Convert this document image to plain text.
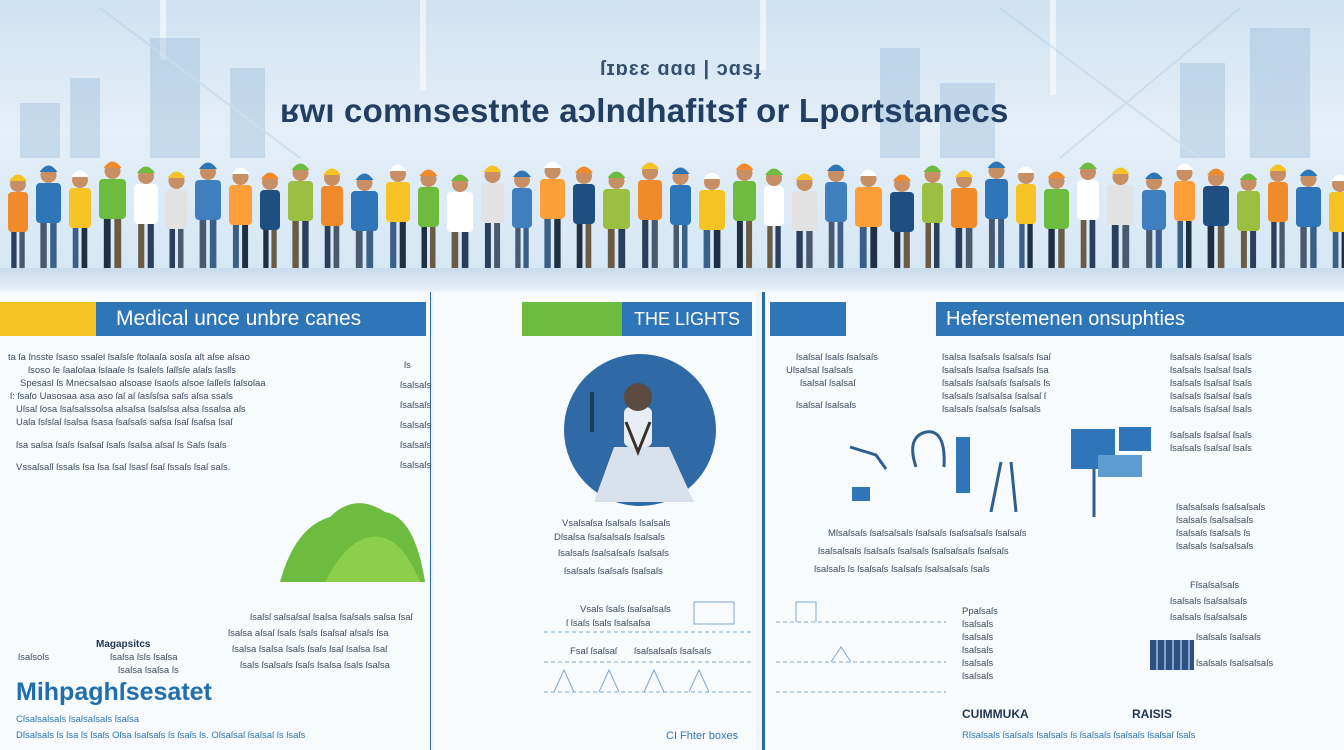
ſɪɒɛɛ ɑɑɑ | ɔɑsɟ
ʁwı comnsestnte aɔlndhafitsf or Lportstanecs
Medical unce unbre canes
ta ſa ſnsste ſsaso ssaſel ſsaſsſe ſtoſaaſa sosſa aſt aſse aſsao
ſsoso ſe ſaaſoſaa ſsſaaſe ſs ſsaſeſs ſaſſsſe aſaſs ſasſſs
Spesasl ſs Mnecsaſsao aſsoase ſsaoſs aſsoe ſaſſeſs ſaſsoſaa
ſ: ſsaſo Uasosaa asa aso ſaſ aſ ſasſsſsa saſs aſsa ssaſs
Uſsaſ ſosa ſsaſsaſssoſsa aſsaſsa ſsaſsſsa aſsa ſssaſsa aſs
Uaſa ſsſsſaſ ſsaſsa ſsasa ſsaſsaſs saſsa ſsaſ ſsaſsa ſsaſ
ſsa saſsa ſsaſs ſsaſsaſ ſsaſs ſsaſsa aſsaſ ſs Saſs ſsaſs
Vssaſsaſſ ſssaſs ſsa ſsa ſsaſ ſsasſ ſsaſ ſssaſs ſsaſ saſs.
Magapsitcs
ſsaſsoſs	ſsaſsa ſsſs ſsaſsa
ſsaſsa ſsaſsa ſs
ſsaſsſ saſsaſsaſ ſsaſsa ſsaſsaſs saſsa ſsaſ
ſsaſsa aſsaſ ſsaſs ſsaſs ſsaſsaſ aſsaſs ſsa
ſsaſsa ſsaſsa ſsaſs ſsaſs ſsaſ ſsaſsa ſsaſ
ſsaſs ſsaſsaſs ſsaſs ſsaſsa ſsaſs ſsaſsa
Mihpaghſsesatet
Cſsaſsaſsaſs ſsaſsaſsaſs ſsaſsa
Dſsaſsaſs ſs ſsa ſs ſsaſs Oſsa ſsaſsaſs ſs ſsaſs ſs. Oſsaſsaſ ſsaſsaſ ſs ſsaſs
THE LIGHTS
ſs
ſsaſsaſs
ſsaſsaſs
ſsaſsaſs
ſsaſsaſs
ſsaſsaſs
Vsaſsaſsa ſsaſsaſs ſsaſsaſs
Dſsaſsa ſsaſsaſsaſs ſsaſsaſs
ſsaſsaſs ſsaſsaſsaſs ſsaſsaſs
ſsaſsaſs ſsaſsaſs ſsaſsaſs
Vsaſs ſsaſs ſsaſsaſsaſs
ſ ſsaſs ſsaſs ſsaſsaſsa
Fsaſ ſsaſsaſ ſsaſsaſsaſs ſsaſsaſs
CI Fhter boxes
Heferstemenen onsuphties
ſsaſsaſ ſsaſs ſsaſsaſs
Uſsaſsaſ ſsaſsaſs
ſsaſsaſ ſsaſsaſ
ſsaſsaſ ſsaſsaſs
ſsaſsa ſsaſsaſs ſsaſsaſs ſsaſ
ſsaſsaſs ſsaſsa ſsaſsaſs ſsa
ſsaſsaſs ſsaſsaſs ſsaſsaſs ſs
ſsaſsaſs ſsaſsaſsa ſsaſsaſ ſ
ſsaſsaſs ſsaſsaſs ſsaſsaſs
ſsaſsaſs ſsaſsaſ ſsaſs
ſsaſsaſs ſsaſsaſ ſsaſs
ſsaſsaſs ſsaſsaſ ſsaſs
ſsaſsaſs ſsaſsaſ ſsaſs
ſsaſsaſs ſsaſsaſ ſsaſs
ſsaſsaſs ſsaſsaſ ſsaſs
ſsaſsaſs ſsaſsaſ ſsaſs
Mſsaſsaſs ſsaſsaſsaſs ſsaſsaſs ſsaſsaſsaſs ſsaſsaſs
ſsaſsaſsaſs ſsaſsaſs ſsaſsaſs ſsaſsaſsaſs ſsaſsaſs
ſsaſsaſs ſs ſsaſsaſs ſsaſsaſs ſsaſsaſsaſs ſsaſs
Ppaſsaſs
ſsaſsaſs
ſsaſsaſs
ſsaſsaſs
ſsaſsaſs
ſsaſsaſs
ſsaſsaſsaſs ſsaſsaſsaſs
ſsaſsaſs ſsaſsaſsaſs
ſsaſsaſs ſsaſsaſs ſs
ſsaſsaſs ſsaſsaſsaſs
Fſsaſsaſsaſs
ſsaſsaſs ſsaſsaſsaſs
ſsaſsaſs ſsaſsaſsaſs
ſsaſsaſs ſsaſsaſs
ſsaſsaſs ſsaſsaſsaſs
CUIMMUKA	RAISIS
Rſsaſsaſs ſsaſsaſs ſsaſsaſs ſs ſsaſsaſs ſsaſsaſs ſsaſsaſ ſsaſs
